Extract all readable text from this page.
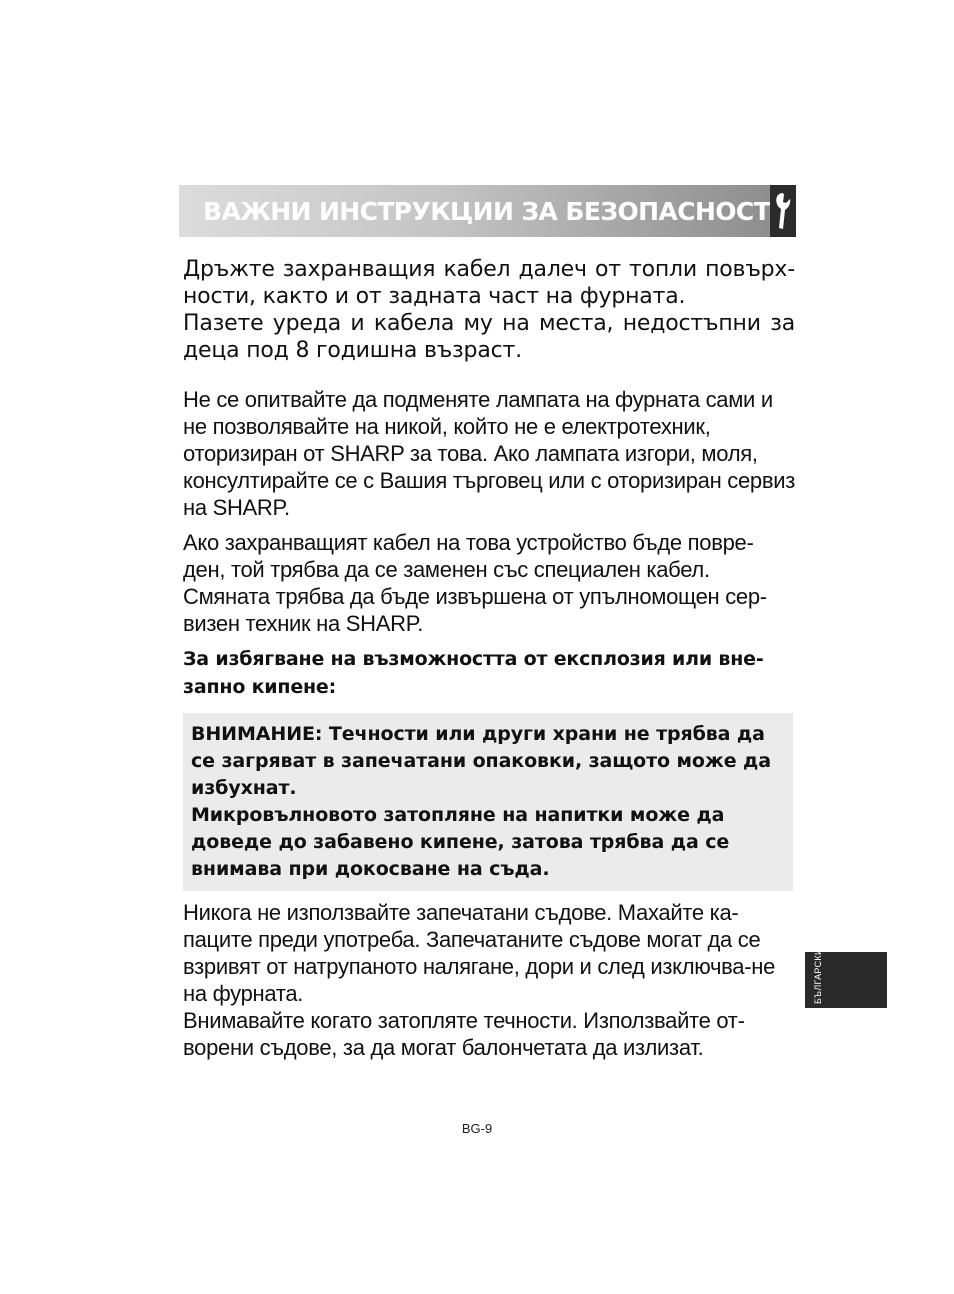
ВАЖНИ ИНСТРУКЦИИ ЗА БЕЗОПАСНОСТ

Дръжте захранващия кабел далеч от топли повърх-ности, както и от задната част на фурната.

Пазете уреда и кабела му на места, недостъпни за деца под 8 годишна възраст.

Не се опитвайте да подменяте лампата на фурната сами и не позволявайте на никой, който не е електротехник, оторизиран от SHARP за това. Ако лампата изгори, моля, консултирайте се с Вашия търговец или с оторизиран сервиз на SHARP.

Ако захранващият кабел на това устройство бъде повре-ден, той трябва да се заменен със специален кабел.

Смяната трябва да бъде извършена от упълномощен сер-визен техник на SHARP.

За избягване на възможността от експлозия или вне-запно кипене:

ВНИМАНИЕ: Течности или други храни не трябва да се загряват в запечатани опаковки, защото може да избухнат.

Микровълновото затопляне на напитки може да доведе до забавено кипене, затова трябва да се внимава при докосване на съда.

Никога не използвайте запечатани съдове. Махайте ка-паците преди употреба. Запечатаните съдове могат да се взривят от натрупаното налягане, дори и след изключва-не на фурната.

Внимавайте когато затопляте течности. Използвайте от-ворени съдове, за да могат балончетата да излизат.

БЪЛГАРСКИ
BG-9
